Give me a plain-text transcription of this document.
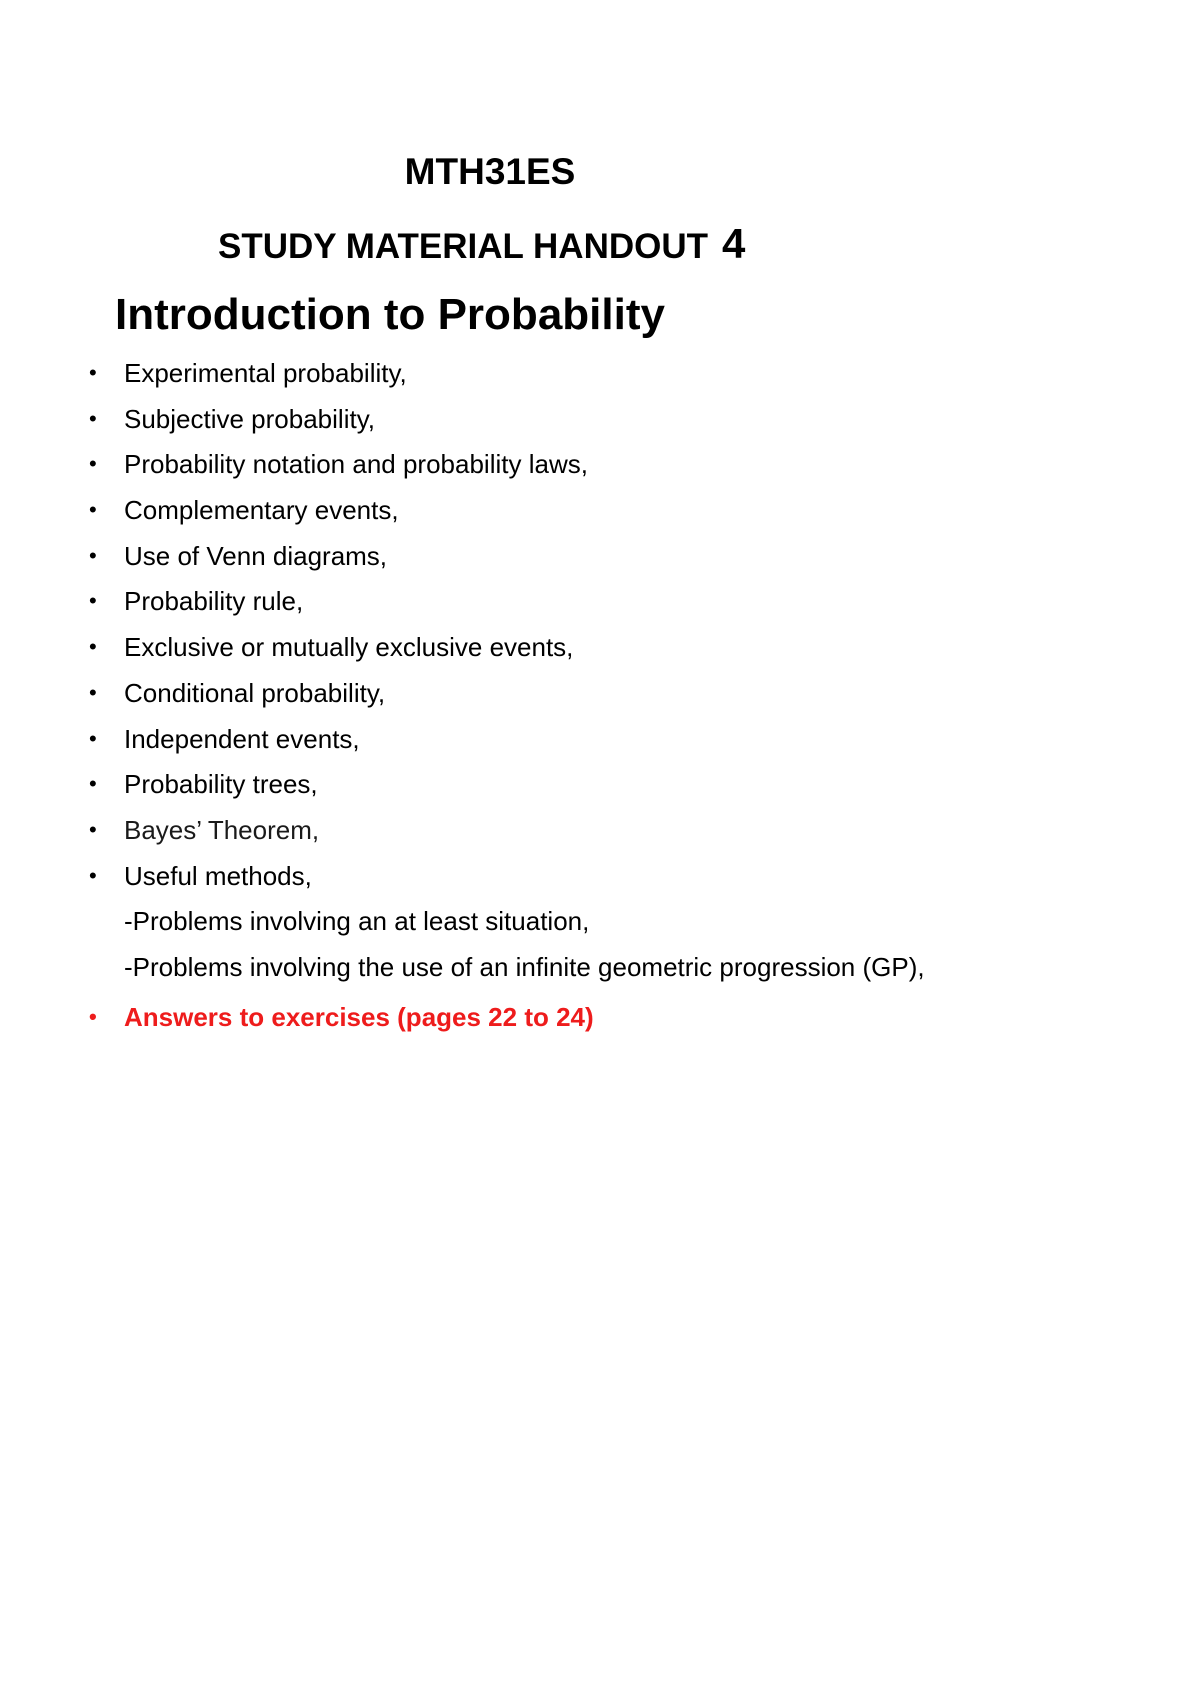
MTH31ES
STUDY MATERIAL HANDOUT 4
Introduction to Probability
• Experimental probability,
• Subjective probability,
• Probability notation and probability laws,
• Complementary events,
• Use of Venn diagrams,
• Probability rule,
• Exclusive or mutually exclusive events,
• Conditional probability,
• Independent events,
• Probability trees,
• Bayes’ Theorem,
• Useful methods,
-Problems involving an at least situation,
-Problems involving the use of an infinite geometric progression (GP),
• Answers to exercises (pages 22 to 24)
